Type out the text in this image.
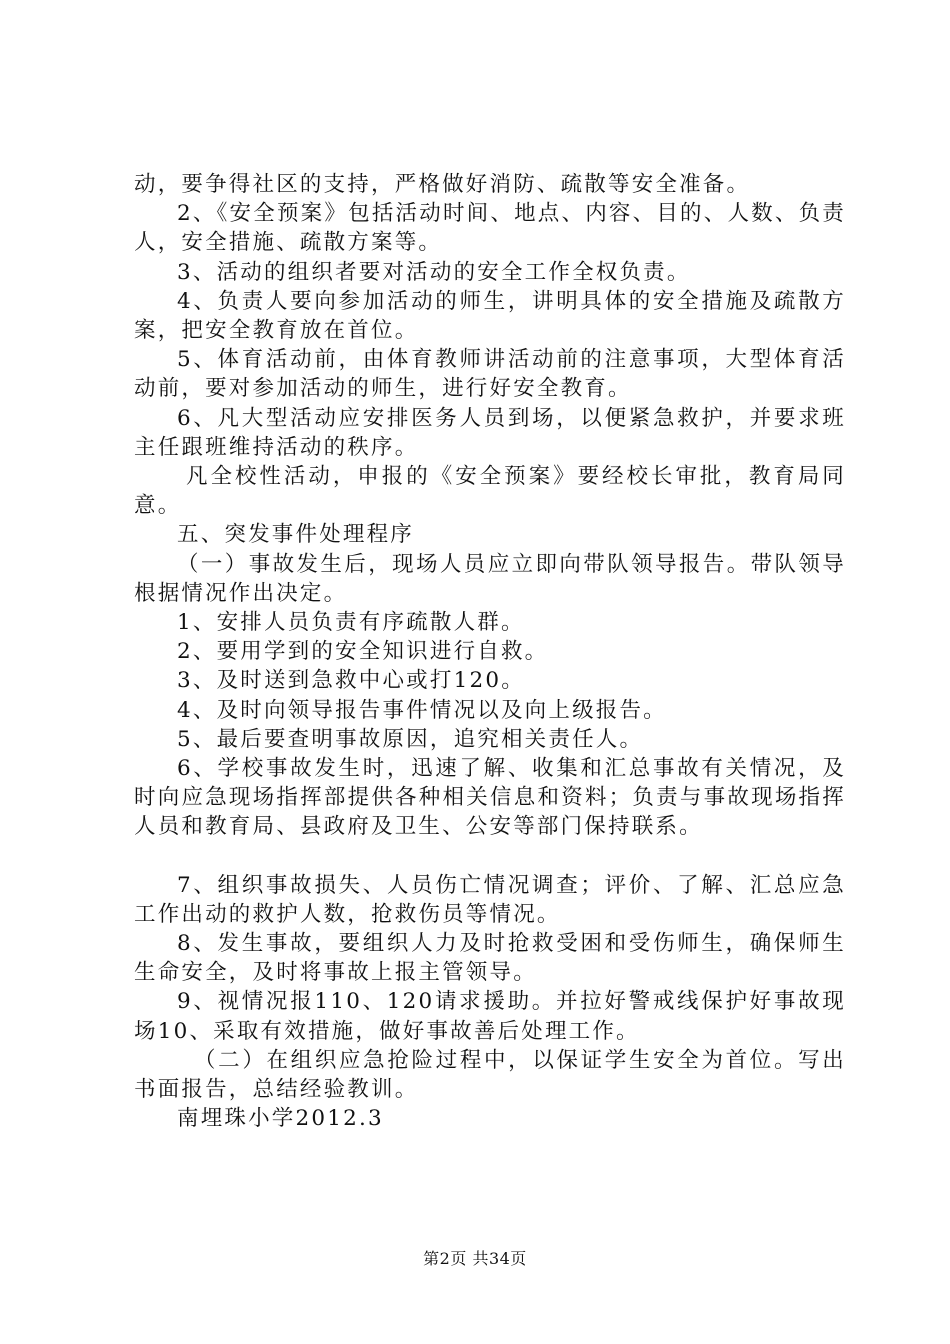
动，要争得社区的支持，严格做好消防、疏散等安全准备。

2、《安全预案》包括活动时间、地点、内容、目的、人数、负责人，安全措施、疏散方案等。

3、活动的组织者要对活动的安全工作全权负责。

4、负责人要向参加活动的师生，讲明具体的安全措施及疏散方案，把安全教育放在首位。

5、体育活动前，由体育教师讲活动前的注意事项，大型体育活动前，要对参加活动的师生，进行好安全教育。

6、凡大型活动应安排医务人员到场，以便紧急救护，并要求班主任跟班维持活动的秩序。

凡全校性活动，申报的《安全预案》要经校长审批，教育局同意。

五、突发事件处理程序

（一）事故发生后，现场人员应立即向带队领导报告。带队领导根据情况作出决定。

1、安排人员负责有序疏散人群。

2、要用学到的安全知识进行自救。

3、及时送到急救中心或打120。

4、及时向领导报告事件情况以及向上级报告。

5、最后要查明事故原因，追究相关责任人。

6、学校事故发生时，迅速了解、收集和汇总事故有关情况，及时向应急现场指挥部提供各种相关信息和资料；负责与事故现场指挥人员和教育局、县政府及卫生、公安等部门保持联系。

7、组织事故损失、人员伤亡情况调查；评价、了解、汇总应急工作出动的救护人数，抢救伤员等情况。

8、发生事故，要组织人力及时抢救受困和受伤师生，确保师生生命安全，及时将事故上报主管领导。

9、视情况报110、120请求援助。并拉好警戒线保护好事故现场10、采取有效措施，做好事故善后处理工作。

（二）在组织应急抢险过程中，以保证学生安全为首位。写出书面报告，总结经验教训。

南埋珠小学2012.3

第2页 共34页
